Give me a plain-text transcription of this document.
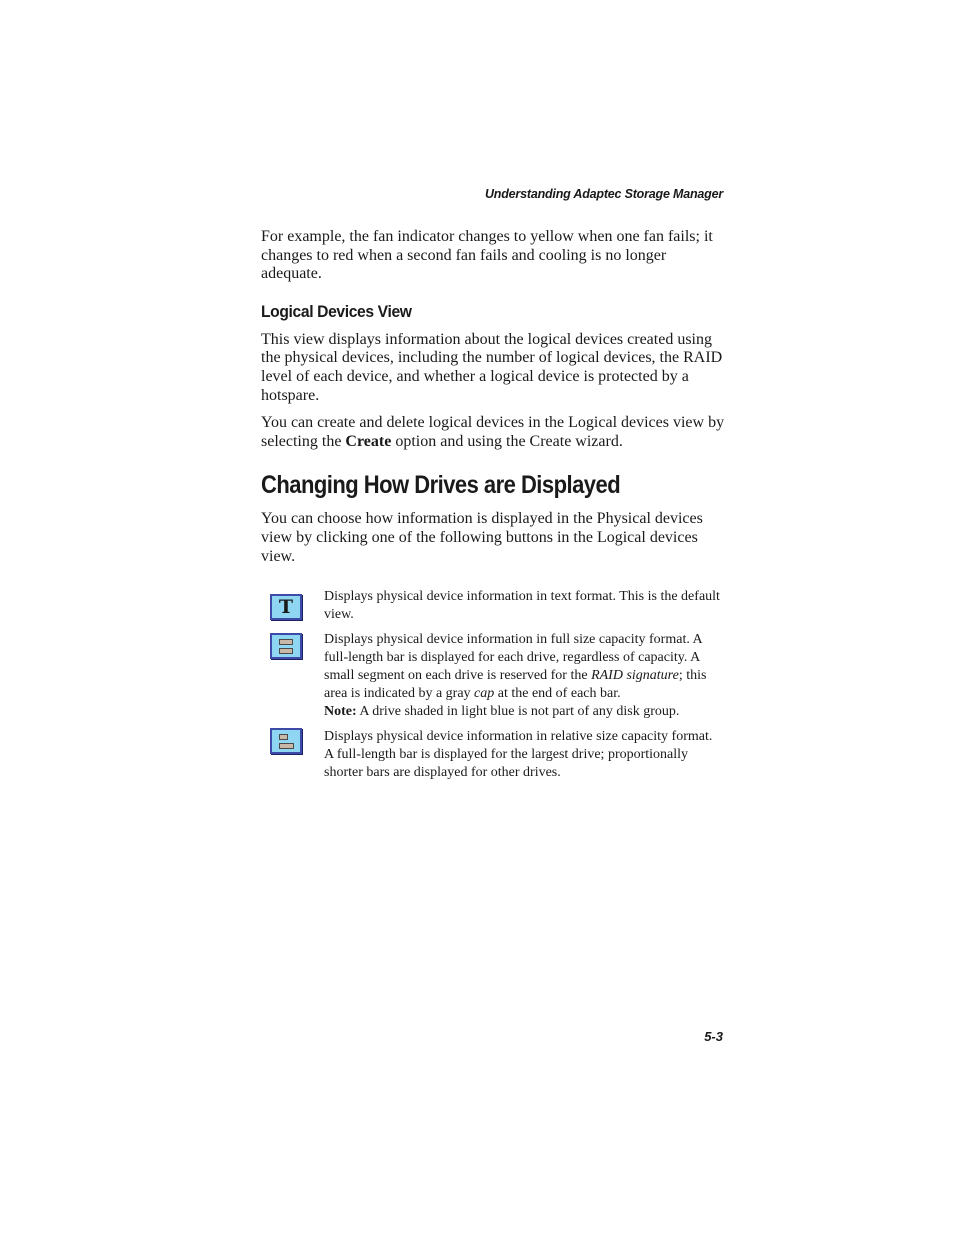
Understanding Adaptec Storage Manager

For example, the fan indicator changes to yellow when one fan fails; it changes to red when a second fan fails and cooling is no longer adequate.

Logical Devices View

This view displays information about the logical devices created using the physical devices, including the number of logical devices, the RAID level of each device, and whether a logical device is protected by a hotspare.

You can create and delete logical devices in the Logical devices view by selecting the Create option and using the Create wizard.

Changing How Drives are Displayed

You can choose how information is displayed in the Physical devices view by clicking one of the following buttons in the Logical devices view.

T Displays physical device information in text format. This is the default view.
Displays physical device information in full size capacity format. A full-length bar is displayed for each drive, regardless of capacity. A small segment on each drive is reserved for the RAID signature; this area is indicated by a gray cap at the end of each bar.
Note: A drive shaded in light blue is not part of any disk group.
Displays physical device information in relative size capacity format. A full-length bar is displayed for the largest drive; proportionally shorter bars are displayed for other drives.
5-3
